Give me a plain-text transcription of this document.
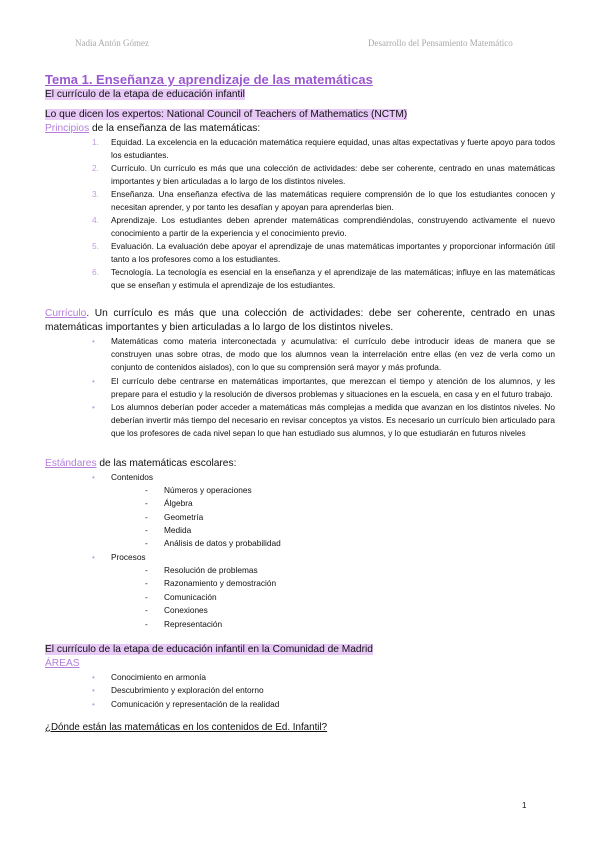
Nadia Antón Gómez	Desarrollo del Pensamiento Matemático
Tema 1. Enseñanza y aprendizaje de las matemáticas
El currículo de la etapa de educación infantil
Lo que dicen los expertos: National Council of Teachers of Mathematics (NCTM)
Principios de la enseñanza de las matemáticas:
1. Equidad. La excelencia en la educación matemática requiere equidad, unas altas expectativas y fuerte apoyo para todos los estudiantes.
2. Currículo. Un currículo es más que una colección de actividades: debe ser coherente, centrado en unas matemáticas importantes y bien articuladas a lo largo de los distintos niveles.
3. Enseñanza. Una enseñanza efectiva de las matemáticas requiere comprensión de lo que los estudiantes conocen y necesitan aprender, y por tanto les desafían y apoyan para aprenderlas bien.
4. Aprendizaje. Los estudiantes deben aprender matemáticas comprendiéndolas, construyendo activamente el nuevo conocimiento a partir de la experiencia y el conocimiento previo.
5. Evaluación. La evaluación debe apoyar el aprendizaje de unas matemáticas importantes y proporcionar información útil tanto a los profesores como a los estudiantes.
6. Tecnología. La tecnología es esencial en la enseñanza y el aprendizaje de las matemáticas; influye en las matemáticas que se enseñan y estimula el aprendizaje de los estudiantes.
Currículo. Un currículo es más que una colección de actividades: debe ser coherente, centrado en unas matemáticas importantes y bien articuladas a lo largo de los distintos niveles.
• Matemáticas como materia interconectada y acumulativa: el currículo debe introducir ideas de manera que se construyen unas sobre otras, de modo que los alumnos vean la interrelación entre ellas (en vez de verla como un conjunto de contenidos aislados), con lo que su comprensión será mayor y más profunda.
• El currículo debe centrarse en matemáticas importantes, que merezcan el tiempo y atención de los alumnos, y les prepare para el estudio y la resolución de diversos problemas y situaciones en la escuela, en casa y en el futuro trabajo.
• Los alumnos deberían poder acceder a matemáticas más complejas a medida que avanzan en los distintos niveles. No deberían invertir más tiempo del necesario en revisar conceptos ya vistos. Es necesario un currículo bien articulado para que los profesores de cada nivel sepan lo que han estudiado sus alumnos, y lo que estudiarán en futuros niveles
Estándares de las matemáticas escolares:
• Contenidos
- Números y operaciones
- Álgebra
- Geometría
- Medida
- Análisis de datos y probabilidad
• Procesos
- Resolución de problemas
- Razonamiento y demostración
- Comunicación
- Conexiones
- Representación
El currículo de la etapa de educación infantil en la Comunidad de Madrid
ÁREAS
• Conocimiento en armonía
• Descubrimiento y exploración del entorno
• Comunicación y representación de la realidad
¿Dónde están las matemáticas en los contenidos de Ed. Infantil?
1
